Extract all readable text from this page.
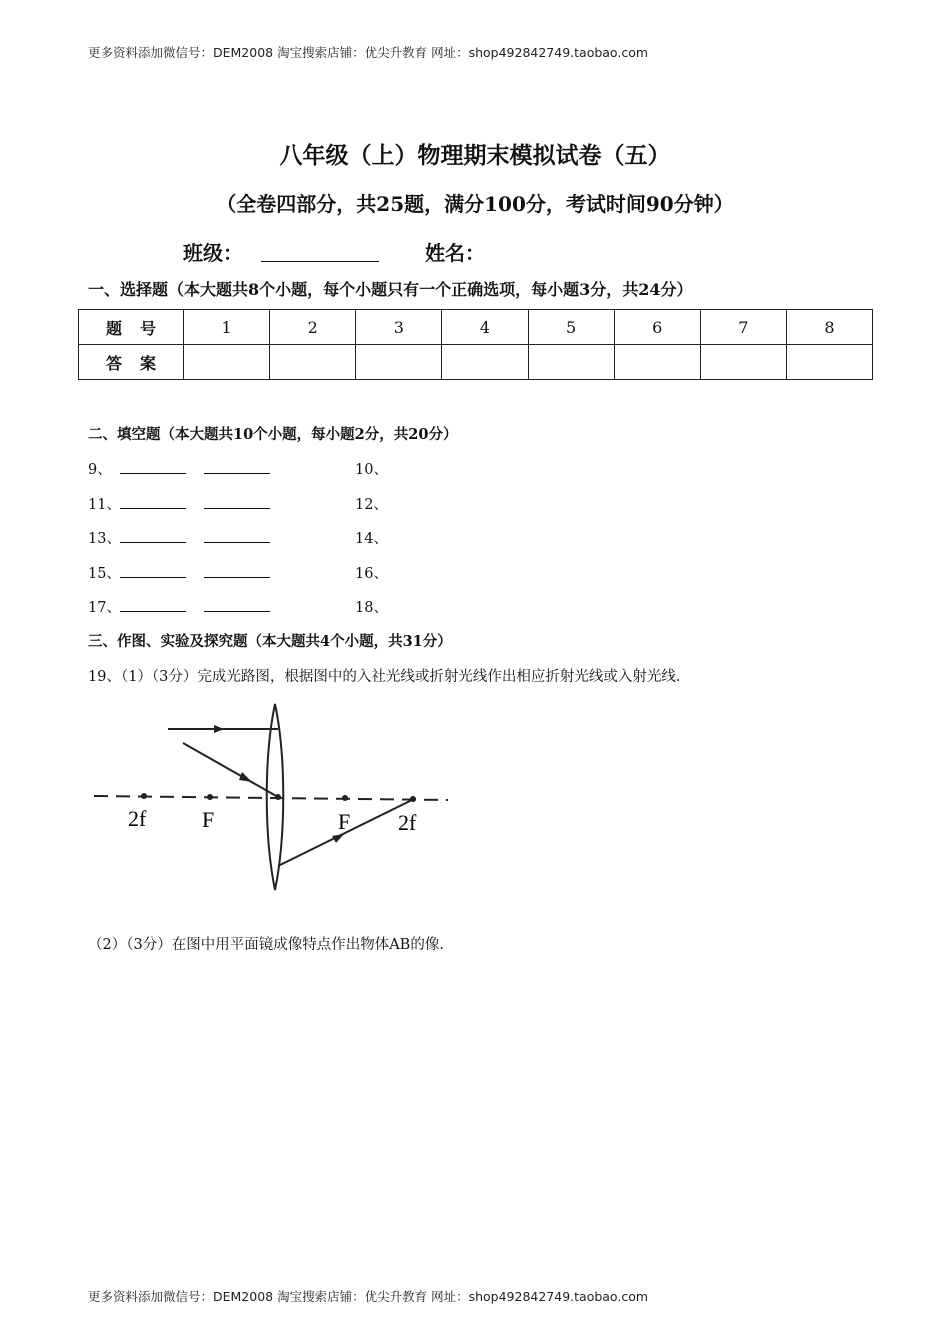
更多资料添加微信号：DEM2008 淘宝搜索店铺：优尖升教育 网址：shop492842749.taobao.com
八年级（上）物理期末模拟试卷（五）
（全卷四部分，共25题，满分100分，考试时间90分钟）
班级：	姓名：
一、选择题（本大题共8个小题，每个小题只有一个正确选项，每小题3分，共24分）
题号	1	2	3	4	5	6	7	8
答案								
二、填空题（本大题共10个小题，每小题2分，共20分）
9、	10、
11、	12、
13、	14、
15、	16、
17、	18、
三、作图、实验及探究题（本大题共4个小题，共31分）
19、（1）（3分）完成光路图，根据图中的入社光线或折射光线作出相应折射光线或入射光线.
2f	F	F 2f
（2）（3分）在图中用平面镜成像特点作出物体AB的像.
更多资料添加微信号：DEM2008 淘宝搜索店铺：优尖升教育 网址：shop492842749.taobao.com
